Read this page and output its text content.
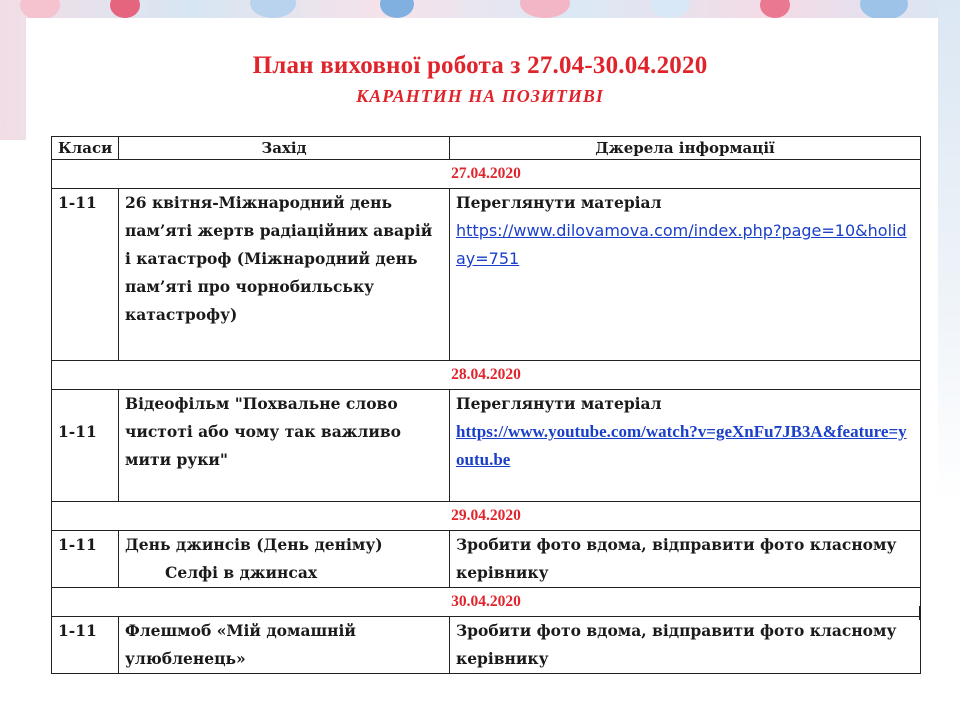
План виховної робота з 27.04-30.04.2020
КАРАНТИН НА ПОЗИТИВІ
Класи	Захід	Джерела інформації
27.04.2020		
1-11	26 квітня-Міжнародний день пам’яті жертв радіаційних аварій і катастроф (Міжнародний день пам’яті про чорнобильську катастрофу)	Переглянути матеріал
https://www.dilovamova.com/index.php?page=10&holiday=751

28.04.2020		
1-11	Відеофільм "Похвальне слово чистоті або чому так важливо мити руки"	Переглянути матеріал
https://www.youtube.com/watch?v=geXnFu7JB3A&feature=youtu.be

29.04.2020		
1-11	День джинсів (День деніму)
Селфі в джинсах	Зробити фото вдома, відправити фото класному керівнику
30.04.2020		
1-11	Флешмоб «Мій домашній улюбленець»	Зробити фото вдома, відправити фото класному керівнику
